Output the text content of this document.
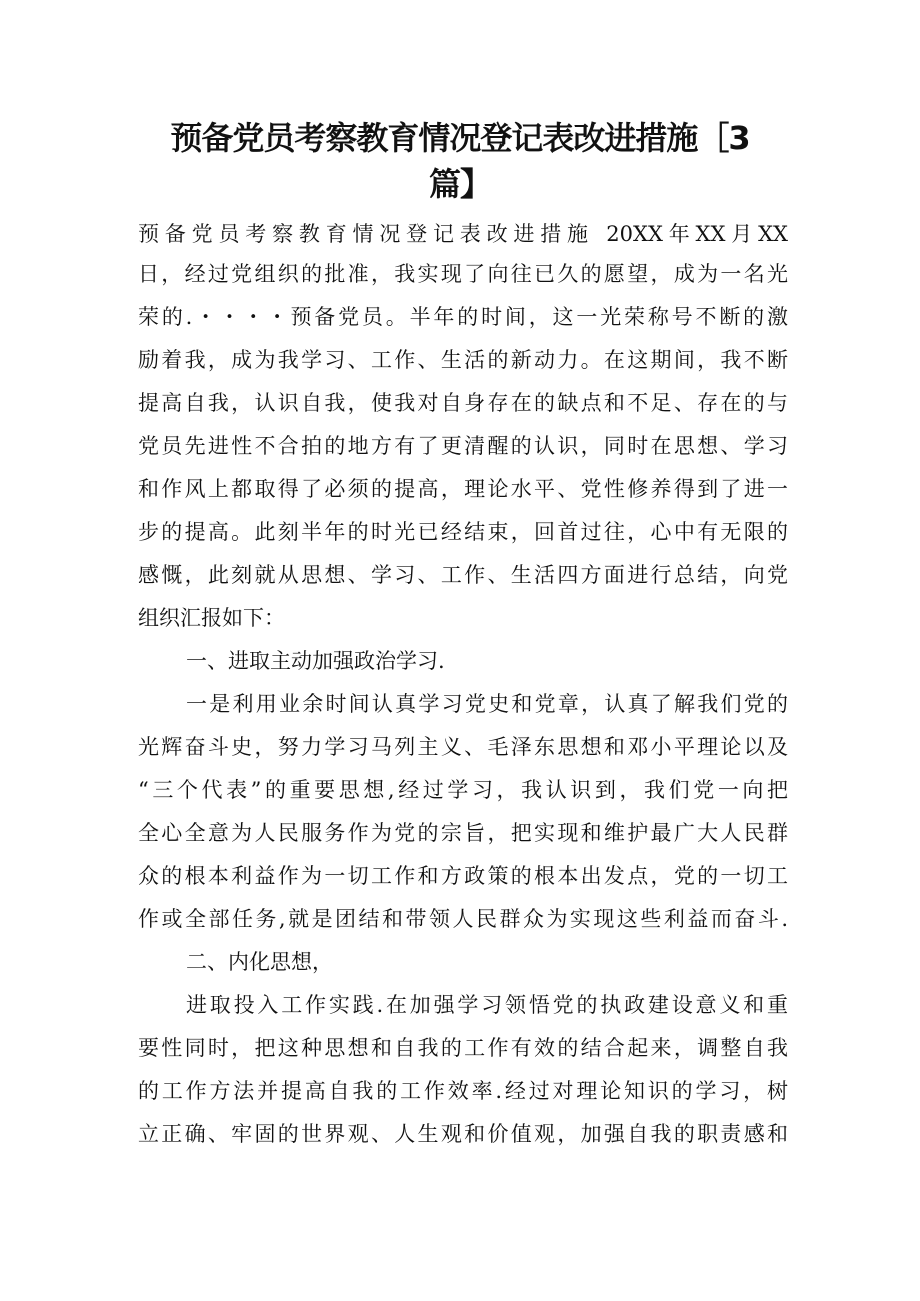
预备党员考察教育情况登记表改进措施［3
篇】

预备党员考察教育情况登记表改进措施 20XX年XX月XX

日，经过党组织的批准，我实现了向往已久的愿望，成为一名光

荣的.・・・・预备党员。半年的时间，这一光荣称号不断的激

励着我，成为我学习、工作、生活的新动力。在这期间，我不断

提高自我，认识自我，使我对自身存在的缺点和不足、存在的与

党员先进性不合拍的地方有了更清醒的认识，同时在思想、学习

和作风上都取得了必须的提高，理论水平、党性修养得到了进一

步的提高。此刻半年的时光已经结束，回首过往，心中有无限的

感慨，此刻就从思想、学习、工作、生活四方面进行总结，向党

组织汇报如下：

一、进取主动加强政治学习.

一是利用业余时间认真学习党史和党章，认真了解我们党的

光辉奋斗史，努力学习马列主义、毛泽东思想和邓小平理论以及

“三个代表”的重要思想,经过学习，我认识到，我们党一向把

全心全意为人民服务作为党的宗旨，把实现和维护最广大人民群

众的根本利益作为一切工作和方政策的根本出发点，党的一切工

作或全部任务,就是团结和带领人民群众为实现这些利益而奋斗.

二、内化思想，

进取投入工作实践.在加强学习领悟党的执政建设意义和重

要性同时，把这种思想和自我的工作有效的结合起来，调整自我

的工作方法并提高自我的工作效率.经过对理论知识的学习，树

立正确、牢固的世界观、人生观和价值观，加强自我的职责感和
